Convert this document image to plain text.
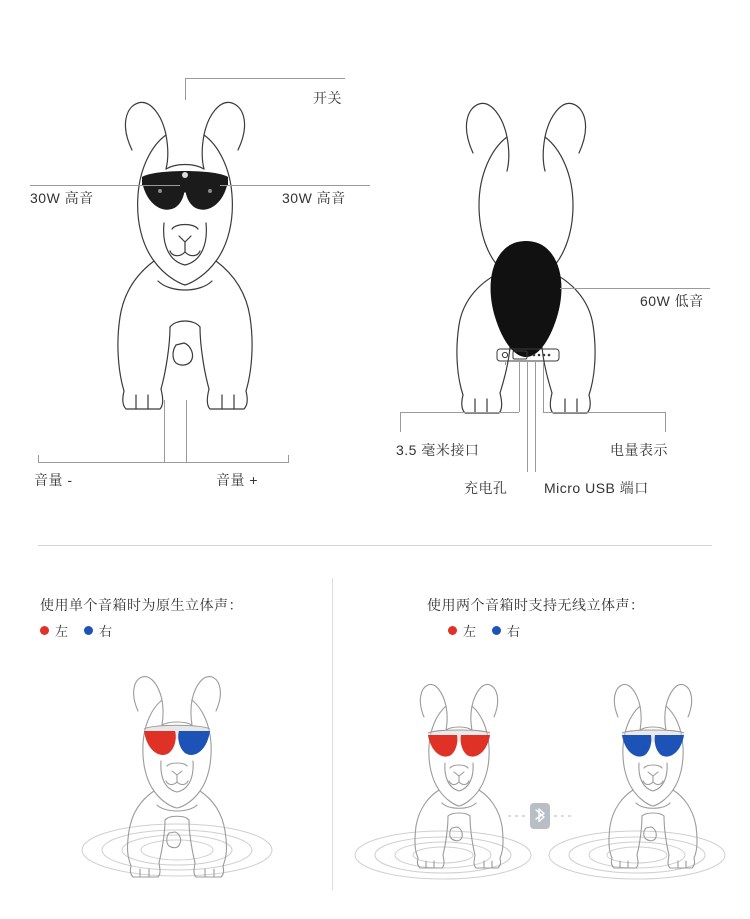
开关
30W 高音	30W 高音
音量 -	音量 +
60W 低音
3.5 毫米接口	电量表示
充电孔	Micro USB 端口
使用单个音箱时为原生立体声：
左 右
使用两个音箱时支持无线立体声：
左 右
